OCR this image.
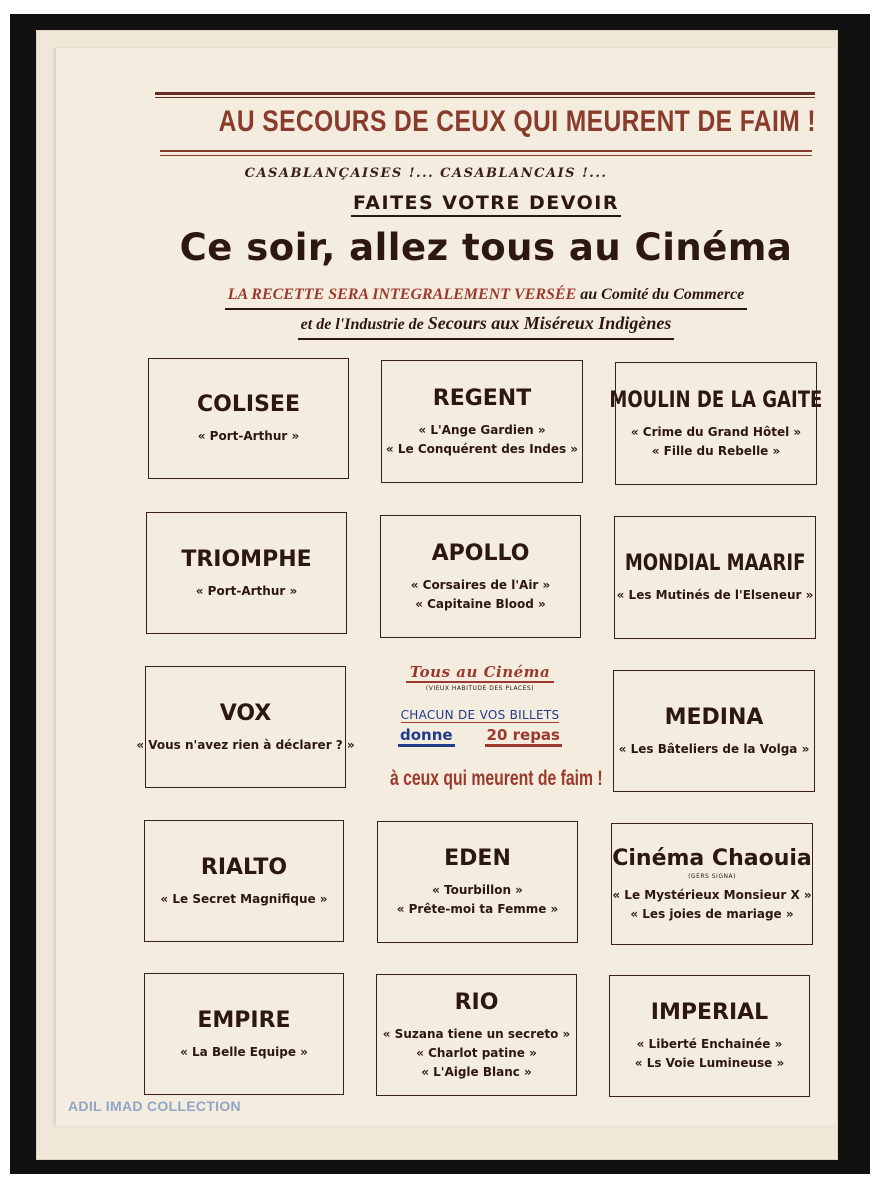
AU SECOURS DE CEUX QUI MEURENT DE FAIM !
CASABLANÇAISES !... CASABLANCAIS !...
FAITES VOTRE DEVOIR
Ce soir, allez tous au Cinéma
LA RECETTE SERA INTEGRALEMENT VERSÉE au Comité du Commerce
et de l'Industrie de Secours aux Miséreux Indigènes
COLISEE
« Port-Arthur »
REGENT
« L'Ange Gardien »
« Le Conquérent des Indes »
MOULIN DE LA GAITE
« Crime du Grand Hôtel »
« Fille du Rebelle »
TRIOMPHE
« Port-Arthur »
APOLLO
« Corsaires de l'Air »
« Capitaine Blood »
MONDIAL MAARIF
« Les Mutinés de l'Elseneur »
VOX
« Vous n'avez rien à déclarer ? »
MEDINA
« Les Bâteliers de la Volga »
RIALTO
« Le Secret Magnifique »
EDEN
« Tourbillon »
« Prête-moi ta Femme »
Cinéma Chaouia
(GERS SIGNA)
« Le Mystérieux Monsieur X »
« Les joies de mariage »
EMPIRE
« La Belle Equipe »
RIO
« Suzana tiene un secreto »
« Charlot patine »
« L'Aigle Blanc »
IMPERIAL
« Liberté Enchainée »
« Ls Voie Lumineuse »
Tous au Cinéma
(VIEUX HABITUDE DES PLACES)
CHACUN DE VOS BILLETS
donne 20 repas
à ceux qui meurent de faim !
ADIL IMAD COLLECTION
